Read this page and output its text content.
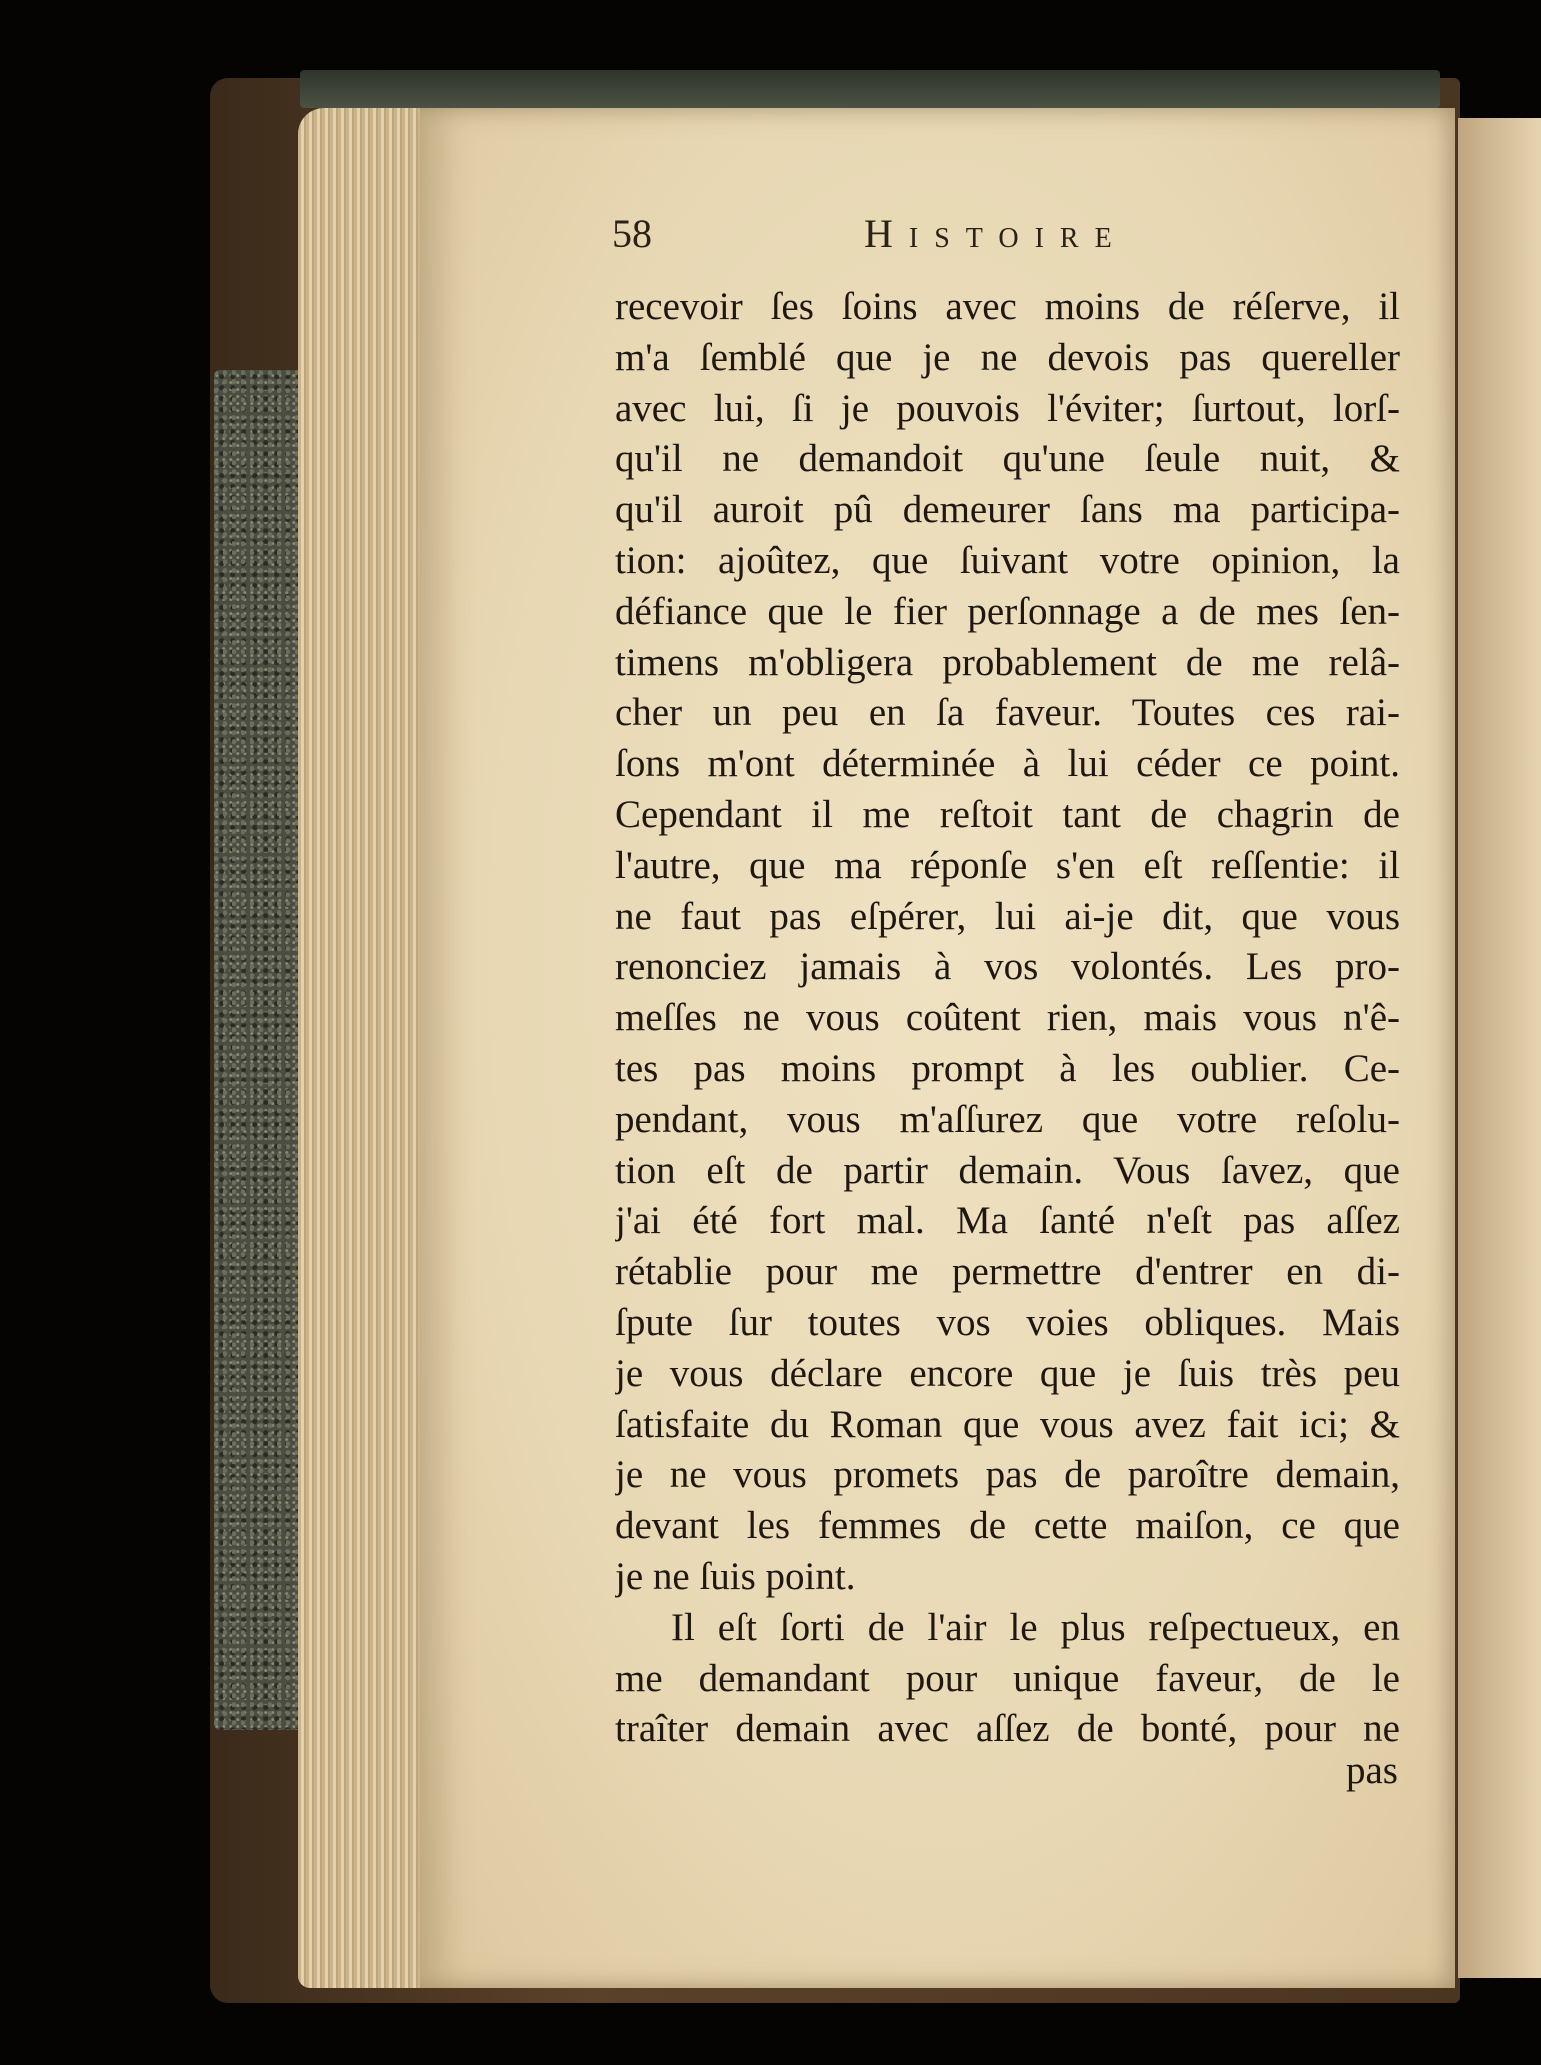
58	Histoire
recevoir ſes ſoins avec moins de réſerve, il
m'a ſemblé que je ne devois pas quereller
avec lui, ſi je pouvois l'éviter; ſurtout, lorſ-
qu'il ne demandoit qu'une ſeule nuit, &
qu'il auroit pû demeurer ſans ma participa-
tion: ajoûtez, que ſuivant votre opinion, la
défiance que le fier perſonnage a de mes ſen-
timens m'obligera probablement de me relâ-
cher un peu en ſa faveur. Toutes ces rai-
ſons m'ont déterminée à lui céder ce point.
Cependant il me reſtoit tant de chagrin de
l'autre, que ma réponſe s'en eſt reſſentie: il
ne faut pas eſpérer, lui ai-je dit, que vous
renonciez jamais à vos volontés. Les pro-
meſſes ne vous coûtent rien, mais vous n'ê-
tes pas moins prompt à les oublier. Ce-
pendant, vous m'aſſurez que votre reſolu-
tion eſt de partir demain. Vous ſavez, que
j'ai été fort mal. Ma ſanté n'eſt pas aſſez
rétablie pour me permettre d'entrer en di-
ſpute ſur toutes vos voies obliques. Mais
je vous déclare encore que je ſuis très peu
ſatisfaite du Roman que vous avez fait ici; &
je ne vous promets pas de paroître demain,
devant les femmes de cette maiſon, ce que
je ne ſuis point.
Il eſt ſorti de l'air le plus reſpectueux, en
me demandant pour unique faveur, de le
traîter demain avec aſſez de bonté, pour ne
pas
